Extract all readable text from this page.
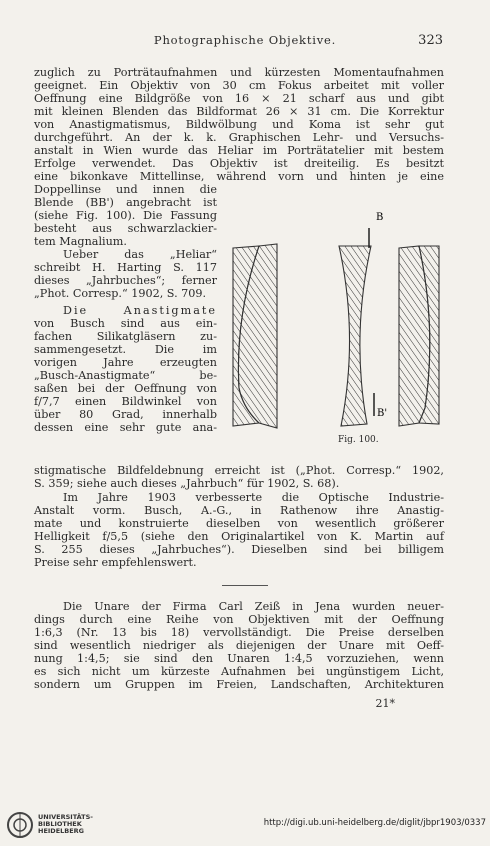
Photographische Objektive.	323
zuglich zu Porträtaufnahmen und kürzesten Momentaufnahmen
geeignet. Ein Objektiv von 30 cm Fokus arbeitet mit voller
Oeffnung eine Bildgröße von 16 × 21 scharf aus und gibt
mit kleinen Blenden das Bildformat 26 × 31 cm. Die Korrektur
von Anastigmatismus, Bildwölbung und Koma ist sehr gut
durchgeführt. An der k. k. Graphischen Lehr- und Versuchs-
anstalt in Wien wurde das Heliar im Porträtatelier mit bestem
Erfolge verwendet. Das Objektiv ist dreiteilig. Es besitzt
eine bikonkave Mittellinse, während vorn und hinten je eine
Doppellinse und innen die
Blende (BB') angebracht ist
(siehe Fig. 100). Die Fassung
besteht aus schwarzlackier-
tem Magnalium.
Ueber das „Heliar“
schreibt H. Harting S. 117
dieses „Jahrbuches“; ferner
„Phot. Corresp.“ 1902, S. 709.
Die Anastigmate
von Busch sind aus ein-
fachen Silikatgläsern zu-
sammengesetzt. Die im
vorigen Jahre erzeugten
„Busch-Anastigmate“ be-
saßen bei der Oeffnung von
f/7,7 einen Bildwinkel von
über 80 Grad, innerhalb
dessen eine sehr gute ana-
B
B'
Fig. 100.
stigmatische Bildfeldebnung erreicht ist („Phot. Corresp.“ 1902,
S. 359; siehe auch dieses „Jahrbuch“ für 1902, S. 68).
Im Jahre 1903 verbesserte die Optische Industrie-
Anstalt vorm. Busch, A.-G., in Rathenow ihre Anastig-
mate und konstruierte dieselben von wesentlich größerer
Helligkeit f/5,5 (siehe den Originalartikel von K. Martin auf
S. 255 dieses „Jahrbuches“). Dieselben sind bei billigem
Preise sehr empfehlenswert.
Die Unare der Firma Carl Zeiß in Jena wurden neuer-
dings durch eine Reihe von Objektiven mit der Oeffnung
1:6,3 (Nr. 13 bis 18) vervollständigt. Die Preise derselben
sind wesentlich niedriger als diejenigen der Unare mit Oeff-
nung 1:4,5; sie sind den Unaren 1:4,5 vorzuziehen, wenn
es sich nicht um kürzeste Aufnahmen bei ungünstigem Licht,
sondern um Gruppen im Freien, Landschaften, Architekturen
21*
UNIVERSITÄTS-
BIBLIOTHEK
HEIDELBERG
http://digi.ub.uni-heidelberg.de/diglit/jbpr1903/0337
